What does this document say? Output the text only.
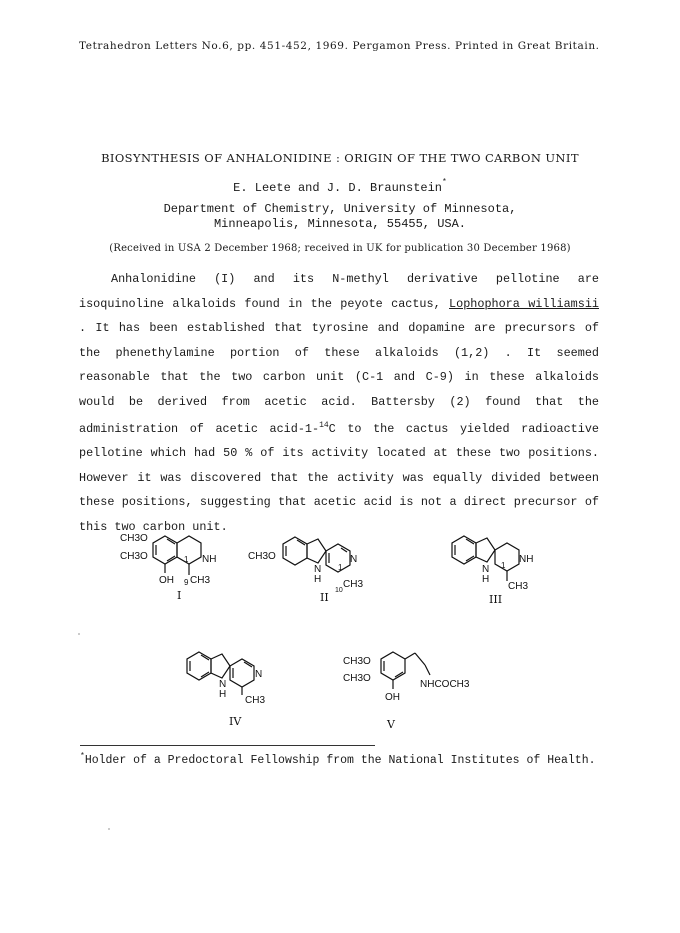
Tetrahedron Letters No.6, pp. 451-452, 1969. Pergamon Press. Printed in Great Britain.
BIOSYNTHESIS OF ANHALONIDINE : ORIGIN OF THE TWO CARBON UNIT
E. Leete and J. D. Braunstein*
Department of Chemistry, University of Minnesota,
Minneapolis, Minnesota, 55455, USA.
(Received in USA 2 December 1968; received in UK for publication 30 December 1968)
Anhalonidine (I) and its N-methyl derivative pellotine are isoquinoline alkaloids found in the peyote cactus, Lophophora williamsii . It has been established that tyrosine and dopamine are precursors of the phenethylamine portion of these alkaloids (1,2) . It seemed reasonable that the two carbon unit (C-1 and C-9) in these alkaloids would be derived from acetic acid. Battersby (2) found that the administration of acetic acid-1-$^{14}$C to the cactus yielded radioactive pellotine which had 50 % of its activity located at these two positions. However it was discovered that the activity was equally divided between these positions, suggesting that acetic acid is not a direct precursor of this two carbon unit.
CH3O
CH3O	NH
1
OH 9 CH3
I
CH3O	N
N
H
1
10
CH3
II
NH
N
H
1
CH3
III
N
N
H
CH3
IV
CH3O
CH3O
NHCOCH3
OH
V
*Holder of a Predoctoral Fellowship from the National Institutes of Health.
